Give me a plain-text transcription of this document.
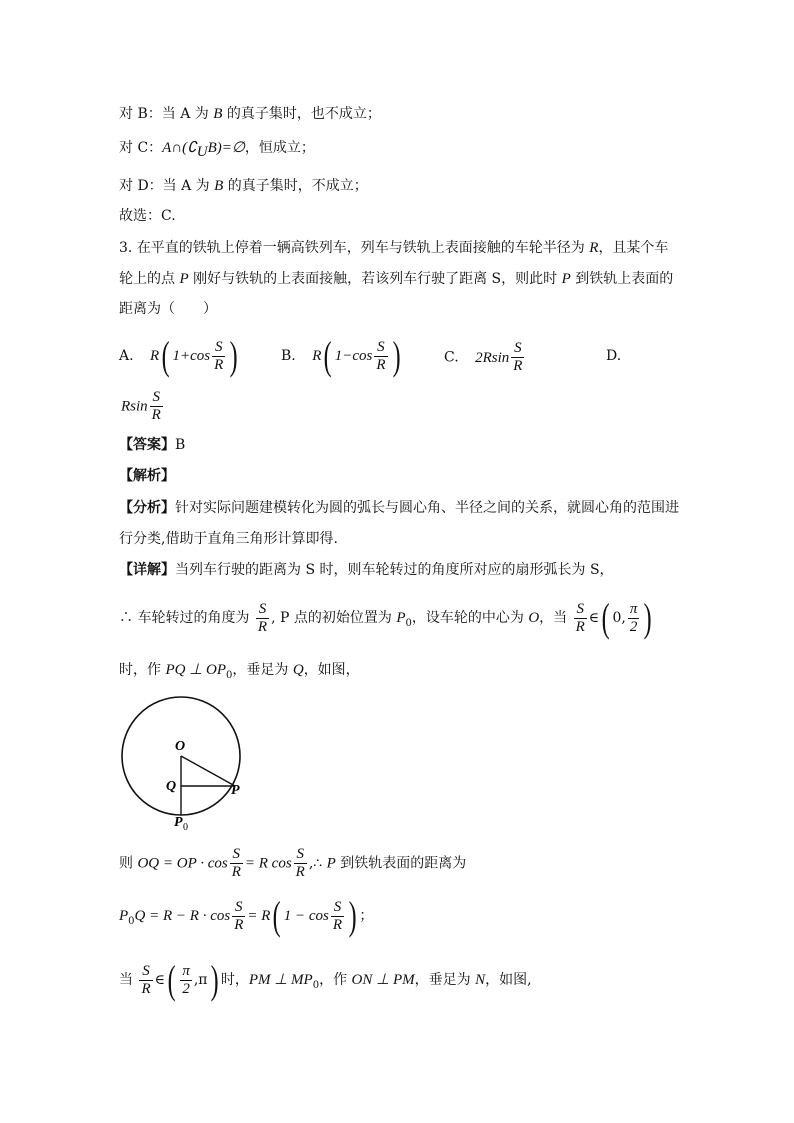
对 B：当 A 为 B 的真子集时，也不成立；
对 C：$A\cap(∁_UB)=\emptyset$，恒成立；
对 D：当 A 为 B 的真子集时，不成立；
故选：C.
3. 在平直的铁轨上停着一辆高铁列车，列车与铁轨上表面接触的车轮半径为 R，且某个车
轮上的点 P 刚好与铁轨的上表面接触，若该列车行驶了距离 S，则此时 P 到铁轨上表面的
距离为（　　）
A. R( $1+\cos \frac{S}{R}$ )	B. R( $1-\cos \frac{S}{R}$ )	C. $2Rsin \frac{S}{R}$	D.
Rsin $\frac{S}{R}$
【答案】B
【解析】
【分析】针对实际问题建模转化为圆的弧长与圆心角、半径之间的关系，就圆心角的范围进
行分类,借助于直角三角形计算即得.
【详解】当列车行驶的距离为 S 时，则车轮转过的角度所对应的扇形弧长为 S，
∴ 车轮转过的角度为 $\frac{S}{R}$ , P 点的初始位置为 $P_0$，设车轮的中心为 O，当 $\frac{S}{R}$ ∈( 0, $\frac{\pi}{2}$ )
时，作 PQ ⊥ $OP_0$，垂足为 Q，如图，
O
Q	P
P 0
则 OQ = OP · $\cos \frac{S}{R} = R$ $\cos \frac{S}{R}$ ,∴ P 到铁轨表面的距离为
$P_0Q = R - R \cdot \cos \frac{S}{R} = R$( $1 - \cos \frac{S}{R}$ ) ；
当 $\frac{S}{R}$ ∈( $\frac{\pi}{2} ,\pi$) 时，PM ⊥ $MP_0$，作 ON ⊥ PM，垂足为 N，如图,
